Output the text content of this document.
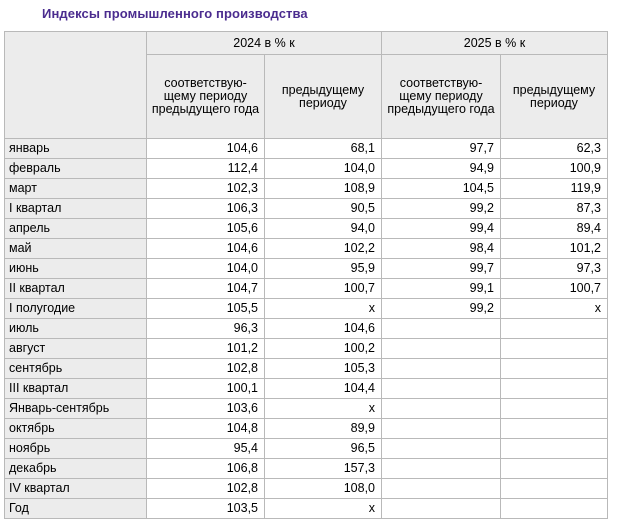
Индексы промышленного производства
	2024 в % к		2025 в % к	
	соответствую-щему периоду предыдущего года	предыдущему периоду	соответствую-щему периоду предыдущего года	предыдущему периоду
январь	104,6	68,1	97,7	62,3
февраль	112,4	104,0	94,9	100,9
март	102,3	108,9	104,5	119,9
I квартал	106,3	90,5	99,2	87,3
апрель	105,6	94,0	99,4	89,4
май	104,6	102,2	98,4	101,2
июнь	104,0	95,9	99,7	97,3
II квартал	104,7	100,7	99,1	100,7
I полугодие	105,5	x	99,2	x
июль	96,3	104,6		
август	101,2	100,2		
сентябрь	102,8	105,3		
III квартал	100,1	104,4		
Январь-сентябрь	103,6	x		
октябрь	104,8	89,9		
ноябрь	95,4	96,5		
декабрь	106,8	157,3		
IV квартал	102,8	108,0		
Год	103,5	x		
